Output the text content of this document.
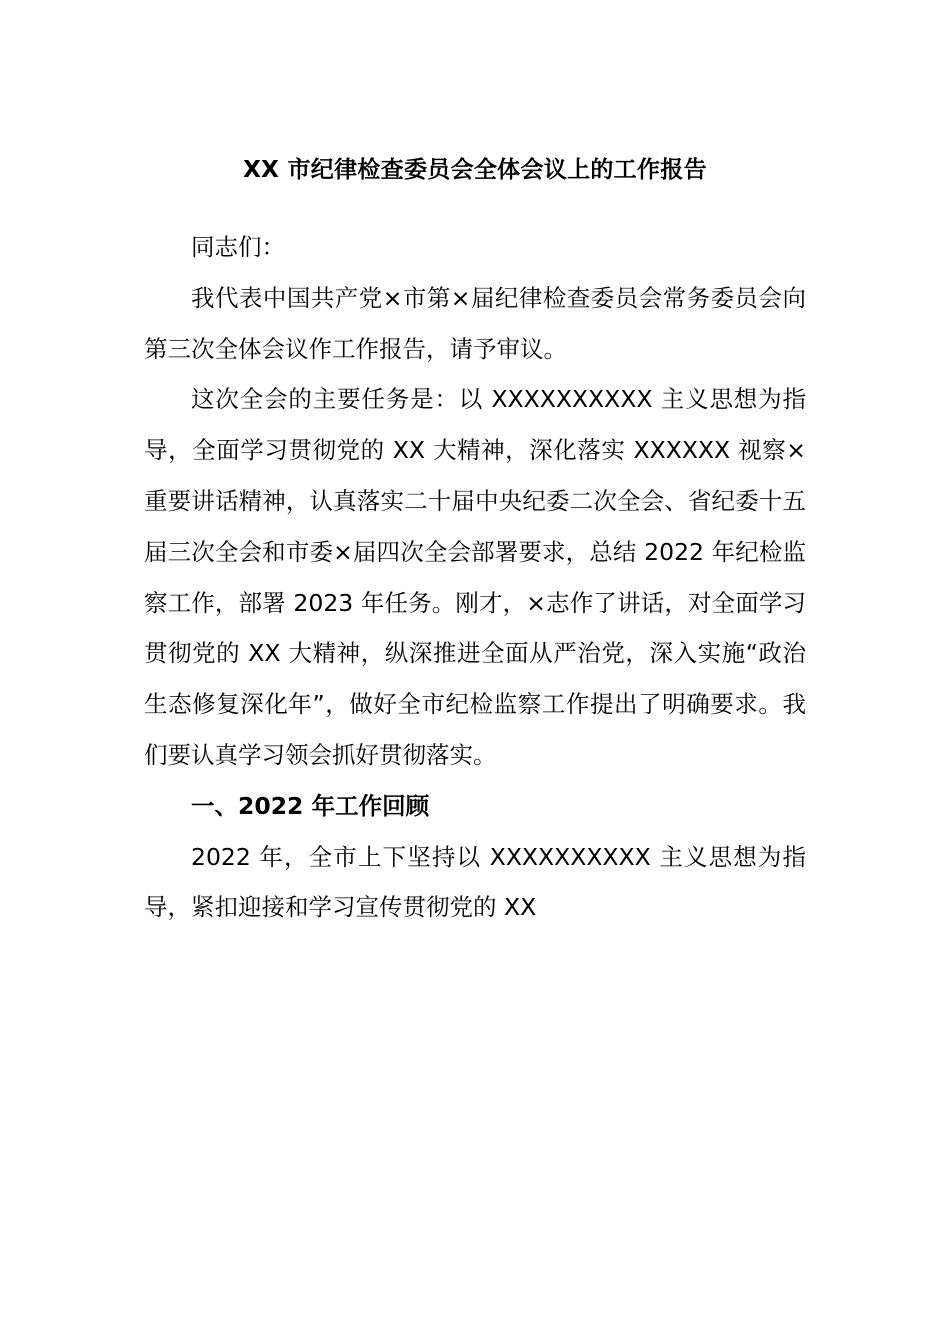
XX 市纪律检查委员会全体会议上的工作报告

同志们：

我代表中国共产党×市第×届纪律检查委员会常务委员会向第三次全体会议作工作报告，请予审议。

这次全会的主要任务是：以 XXXXXXXXXX 主义思想为指导，全面学习贯彻党的 XX 大精神，深化落实 XXXXXX 视察×重要讲话精神，认真落实二十届中央纪委二次全会、省纪委十五届三次全会和市委×届四次全会部署要求，总结 2022 年纪检监察工作，部署 2023 年任务。刚才，×志作了讲话，对全面学习贯彻党的 XX 大精神，纵深推进全面从严治党，深入实施“政治生态修复深化年”，做好全市纪检监察工作提出了明确要求。我们要认真学习领会抓好贯彻落实。

一、2022 年工作回顾

2022 年，全市上下坚持以 XXXXXXXXXX 主义思想为指导，紧扣迎接和学习宣传贯彻党的 XX
